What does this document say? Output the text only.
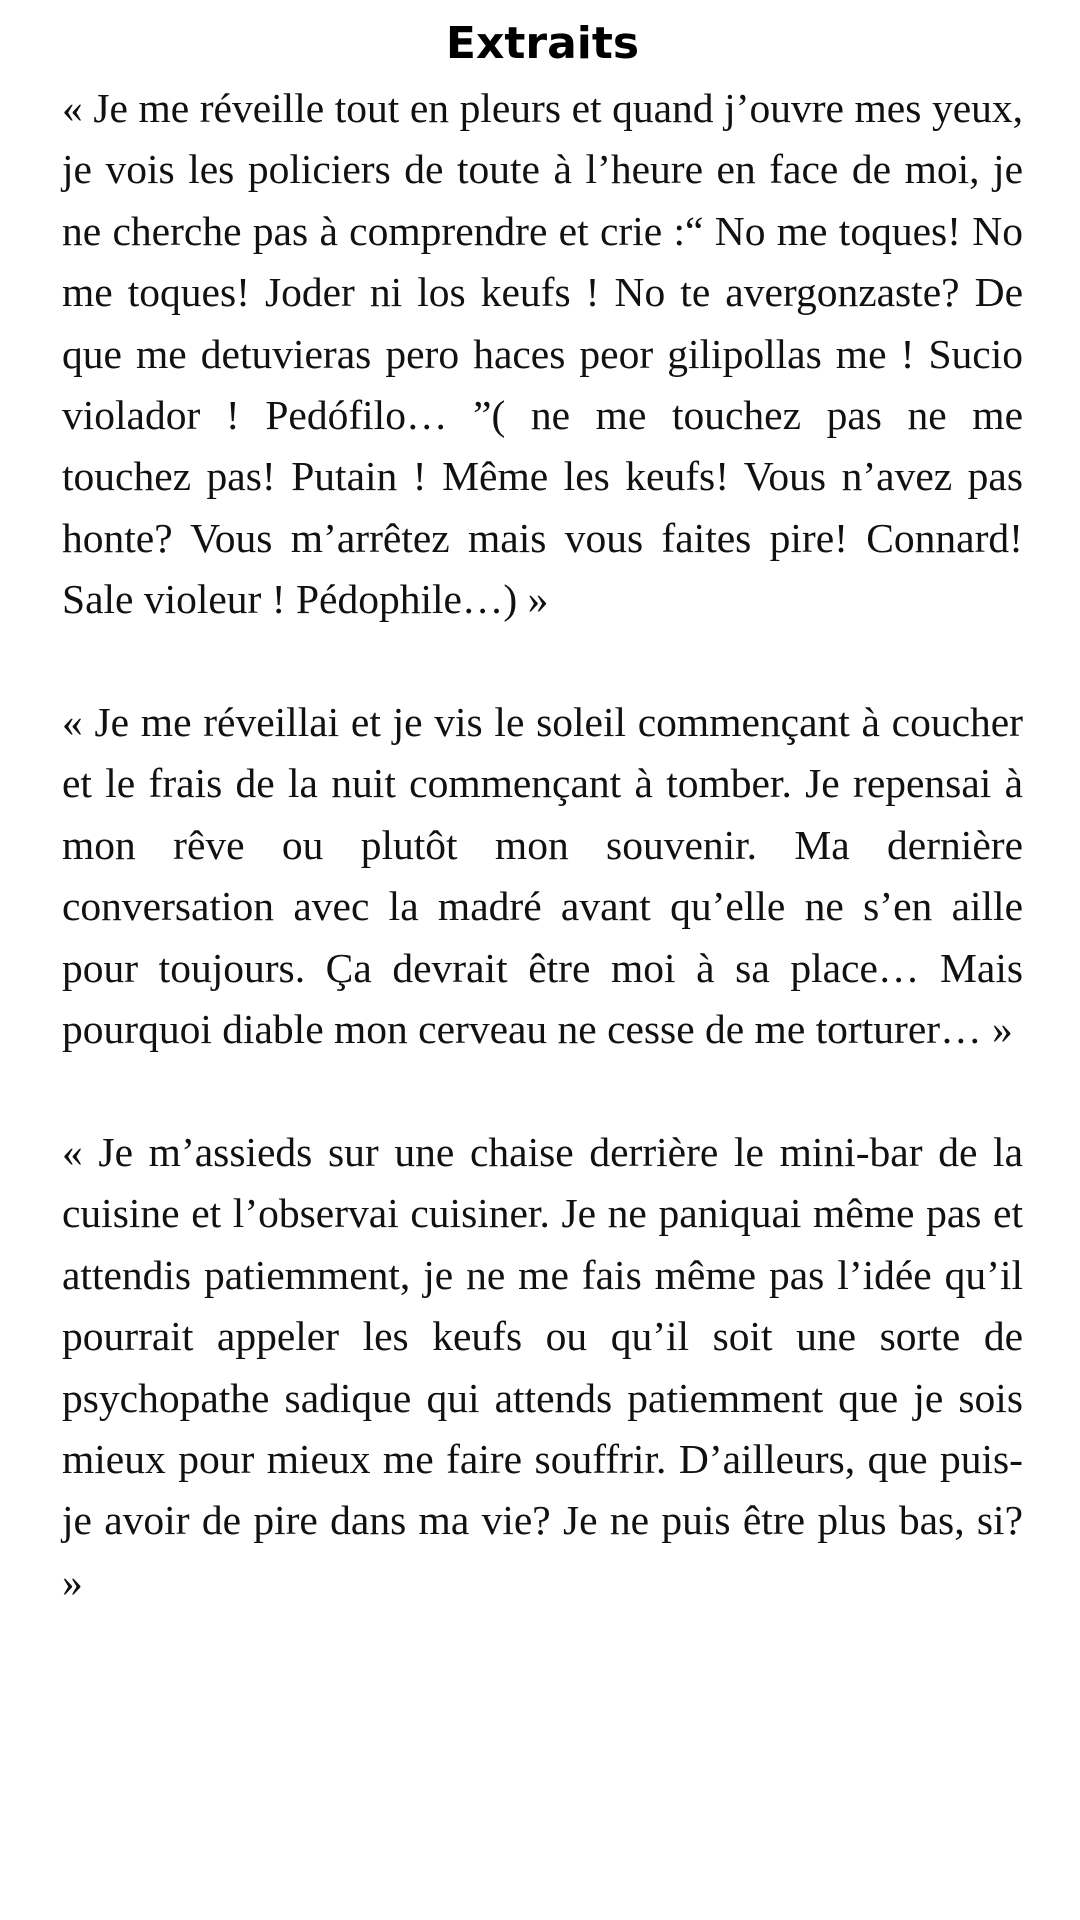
Extraits

« Je me réveille tout en pleurs et quand j’ouvre mes yeux, je vois les policiers de toute à l’heure en face de moi, je ne cherche pas à comprendre et crie :“ No me toques! No me toques! Joder ni los keufs ! No te avergonzaste? De que me detuvieras pero haces peor gilipollas me ! Sucio violador ! Pedófilo… ”( ne me touchez pas ne me touchez pas! Putain ! Même les keufs! Vous n’avez pas honte? Vous m’arrêtez mais vous faites pire! Connard! Sale violeur ! Pédophile…) »

« Je me réveillai et je vis le soleil commençant à coucher et le frais de la nuit commençant à tomber. Je repensai à mon rêve ou plutôt mon souvenir. Ma dernière conversation avec la madré avant qu’elle ne s’en aille pour toujours. Ça devrait être moi à sa place… Mais pourquoi diable mon cerveau ne cesse de me torturer… »

« Je m’assieds sur une chaise derrière le mini-bar de la cuisine et l’observai cuisiner. Je ne paniquai même pas et attendis patiemment, je ne me fais même pas l’idée qu’il pourrait appeler les keufs ou qu’il soit une sorte de psychopathe sadique qui attends patiemment que je sois mieux pour mieux me faire souffrir. D’ailleurs, que puis-je avoir de pire dans ma vie? Je ne puis être plus bas, si? »
